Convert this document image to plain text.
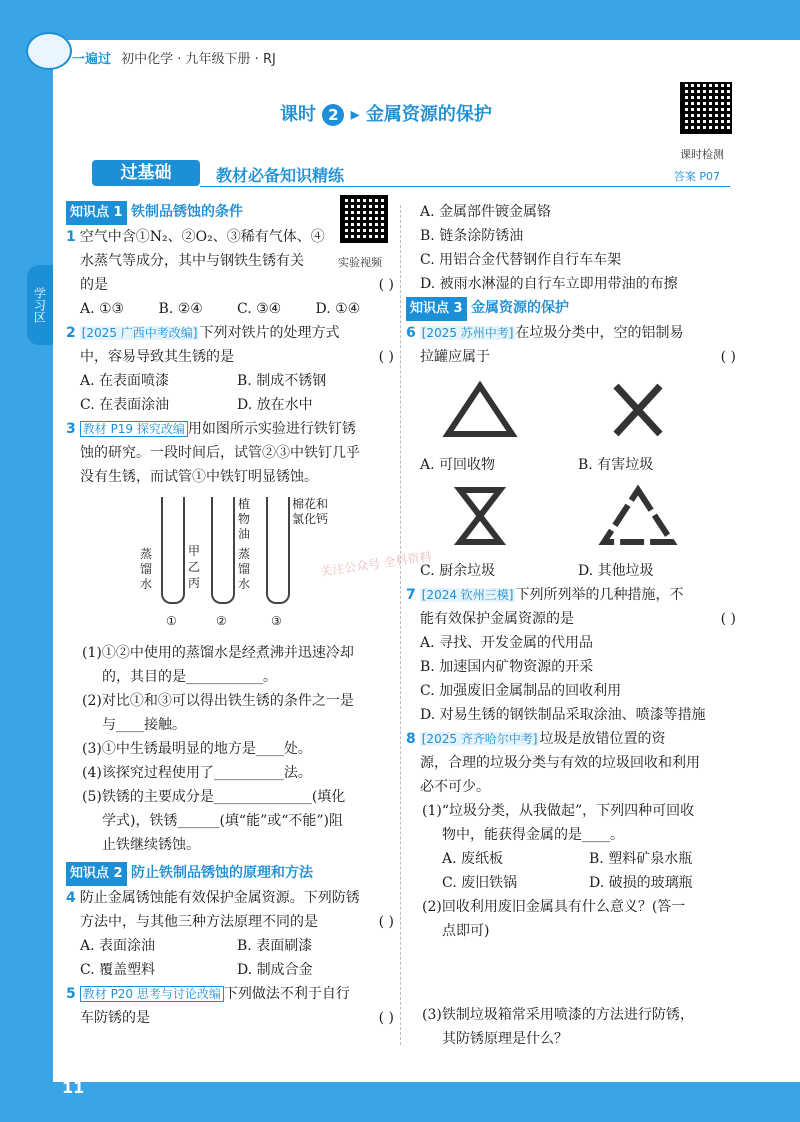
一遍过 初中化学 · 九年级下册 · RJ
学习区
课时 2 ▸ 金属资源的保护
课时检测
过基础	教材必备知识精练	答案 P07
实验视频

知识点 1 铁制品锈蚀的条件

1 空气中含①N₂、②O₂、③稀有气体、④

水蒸气等成分，其中与钢铁生锈有关

的是	( )

A. ①③	B. ②④	C. ③④	D. ①④

2 [2025 广西中考改编] 下列对铁片的处理方式

中，容易导致其生锈的是	( )

A. 在表面喷漆	B. 制成不锈钢
C. 在表面涂油	D. 放在水中

3 教材 P19 探究改编 用如图所示实验进行铁钉锈

蚀的研究。一段时间后，试管②③中铁钉几乎

没有生锈，而试管①中铁钉明显锈蚀。

蒸馏水
甲
乙
丙
植物油
蒸馏水
棉花和氯化钙
①	②	③

(1)①②中使用的蒸馏水是经煮沸并迅速冷却

的，其目的是___________。

(2)对比①和③可以得出铁生锈的条件之一是

与____接触。

(3)①中生锈最明显的地方是____处。

(4)该探究过程使用了__________法。

(5)铁锈的主要成分是______________(填化

学式)，铁锈______(填“能”或“不能”)阻

止铁继续锈蚀。

知识点 2 防止铁制品锈蚀的原理和方法

4 防止金属锈蚀能有效保护金属资源。下列防锈

方法中，与其他三种方法原理不同的是	( )

A. 表面涂油	B. 表面刷漆
C. 覆盖塑料	D. 制成合金

5 教材 P20 思考与讨论改编 下列做法不利于自行

车防锈的是	( )

A. 金属部件镀金属铬

B. 链条涂防锈油

C. 用铝合金代替钢作自行车车架

D. 被雨水淋湿的自行车立即用带油的布擦

知识点 3 金属资源的保护

6 [2025 苏州中考] 在垃圾分类中，空的铝制易

拉罐应属于	( )

A. 可回收物	B. 有害垃圾
C. 厨余垃圾	D. 其他垃圾

7 [2024 钦州三模] 下列所列举的几种措施，不

能有效保护金属资源的是	( )

A. 寻找、开发金属的代用品

B. 加速国内矿物资源的开采

C. 加强废旧金属制品的回收利用

D. 对易生锈的钢铁制品采取涂油、喷漆等措施

8 [2025 齐齐哈尔中考] 垃圾是放错位置的资

源，合理的垃圾分类与有效的垃圾回收和利用

必不可少。

(1)“垃圾分类，从我做起”，下列四种可回收

物中，能获得金属的是____。

A. 废纸板	B. 塑料矿泉水瓶
C. 废旧铁锅	D. 破损的玻璃瓶

(2)回收利用废旧金属具有什么意义？(答一

点即可)

(3)铁制垃圾箱常采用喷漆的方法进行防锈，

其防锈原理是什么？

关注公众号 全科资料
11
